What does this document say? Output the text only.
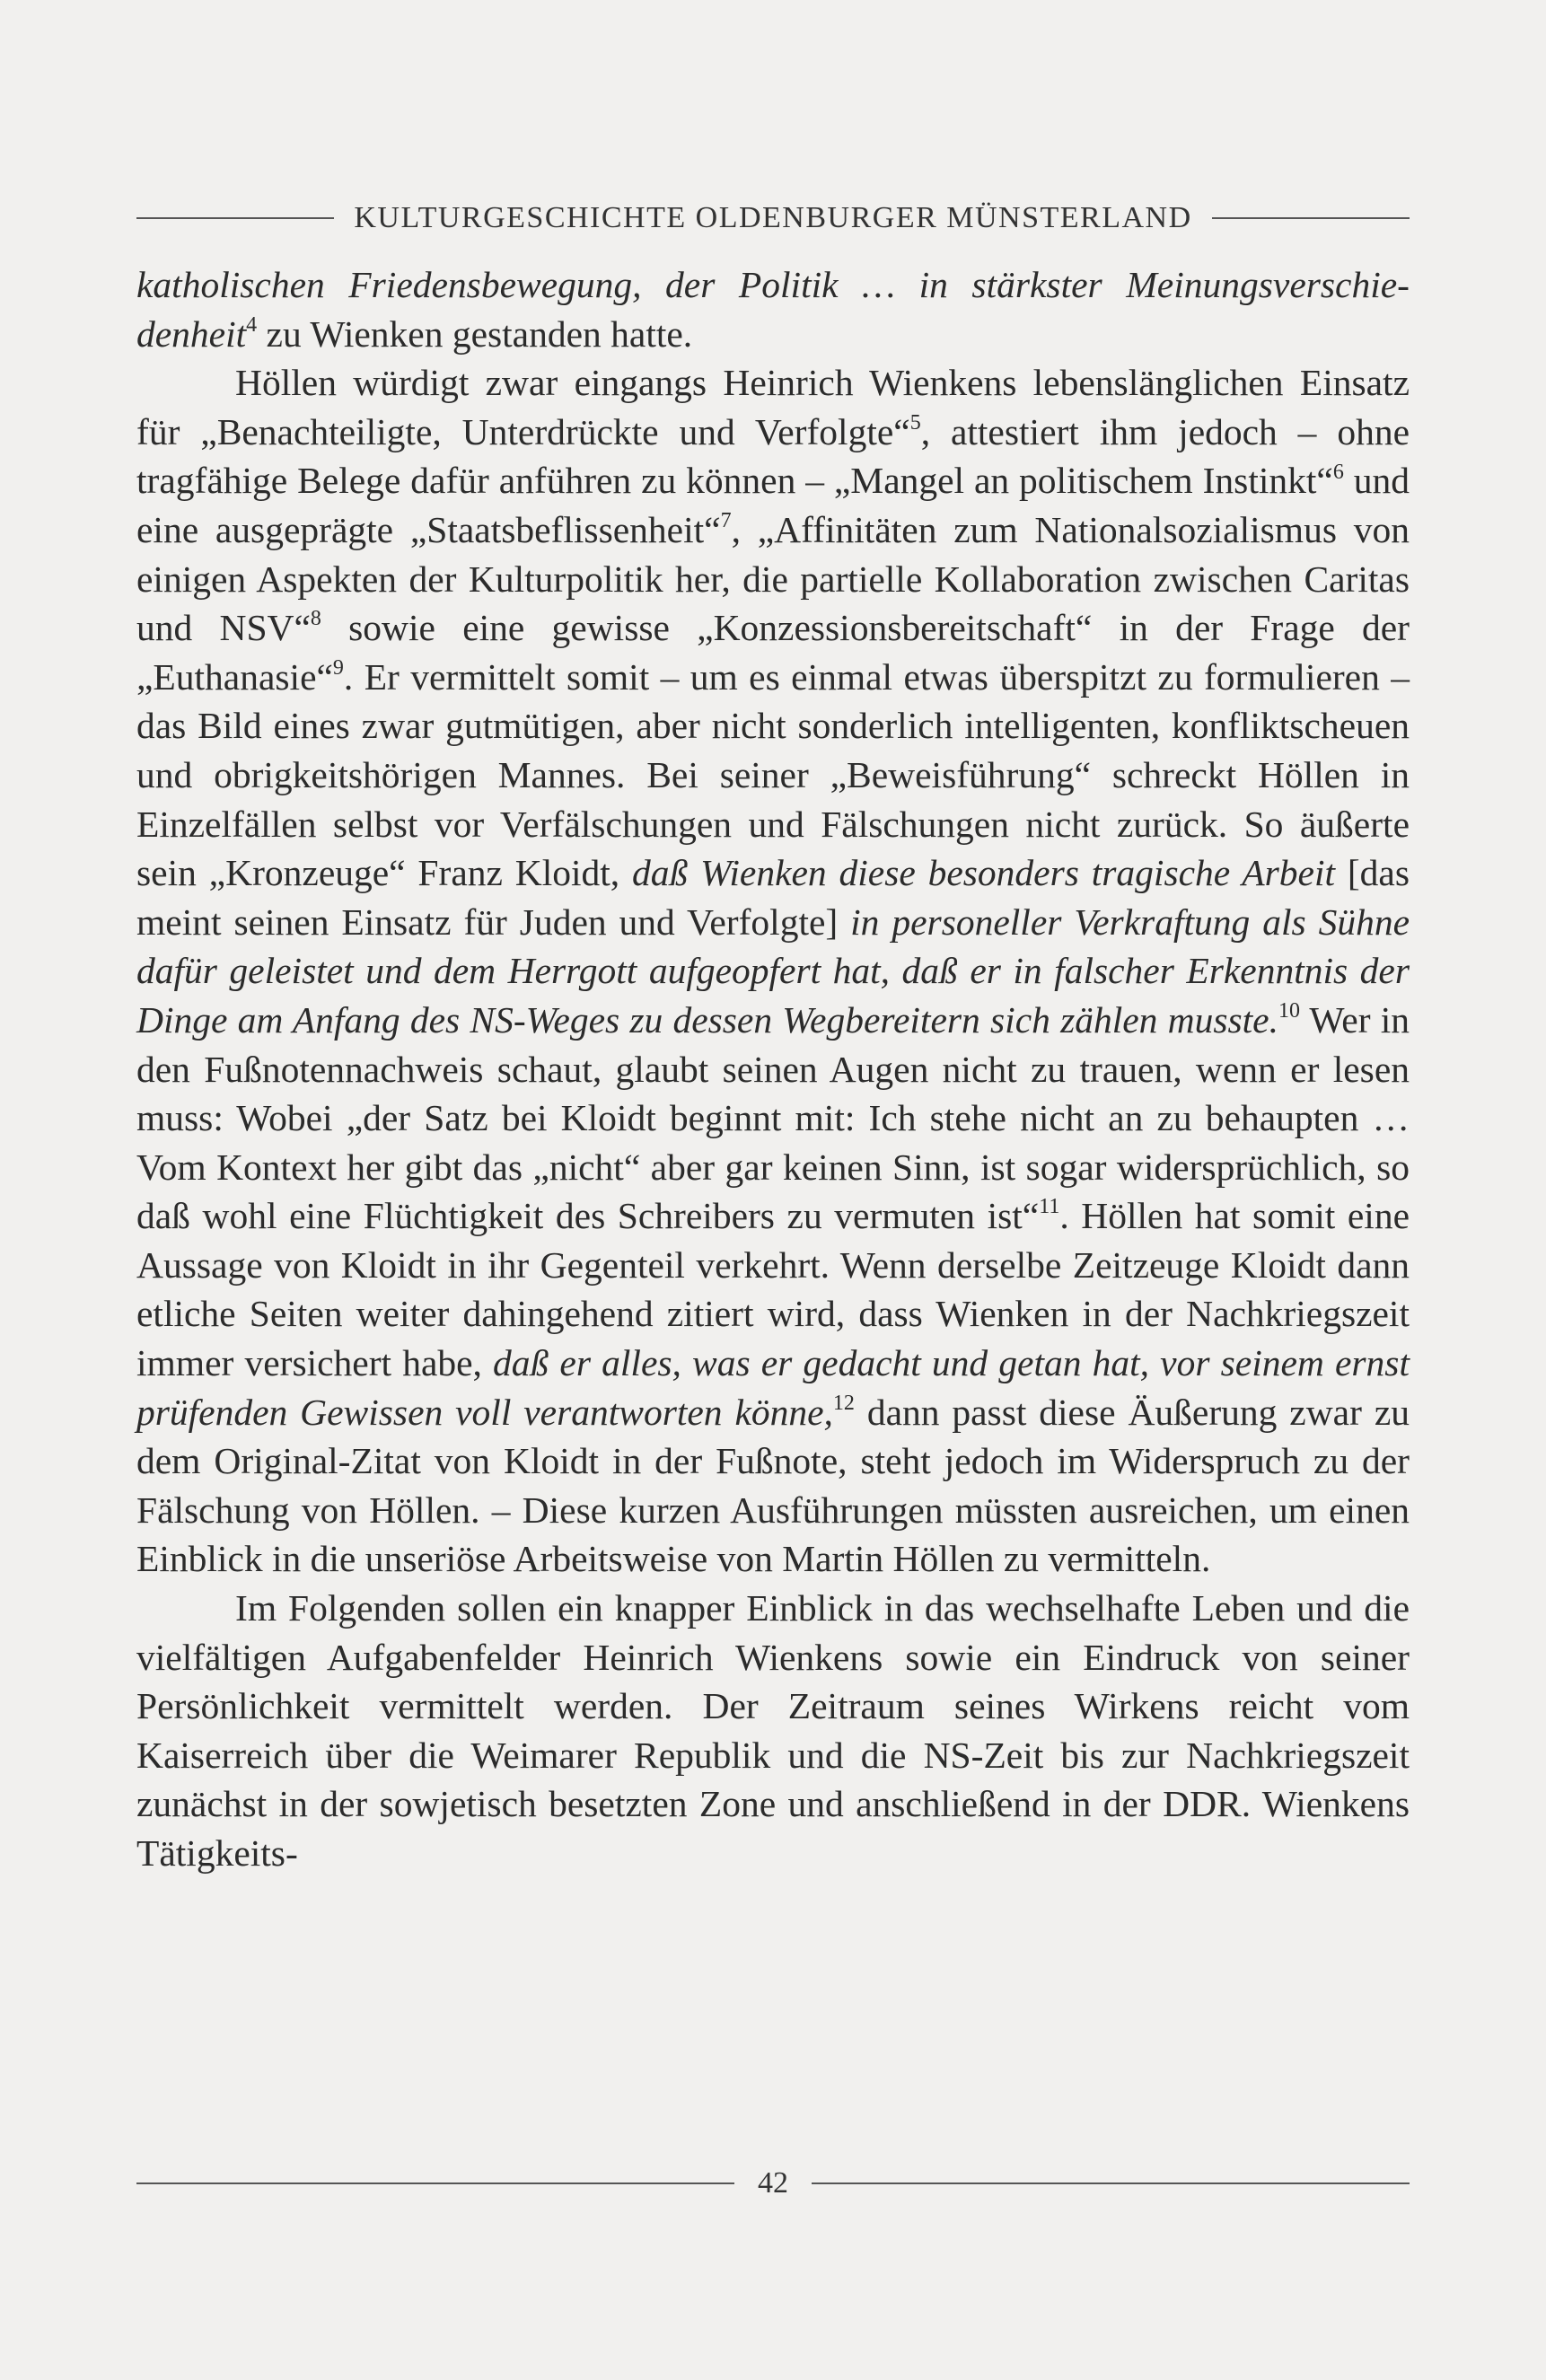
KULTURGESCHICHTE OLDENBURGER MÜNSTERLAND

katholischen Friedensbewegung, der Politik … in stärkster Meinungsverschie-denheit$^4$ zu Wienken gestanden hatte.

Höllen würdigt zwar eingangs Heinrich Wienkens lebenslänglichen Einsatz für „Benachteiligte, Unterdrückte und Verfolgte“$^5$, attestiert ihm jedoch – ohne tragfähige Belege dafür anführen zu können – „Mangel an politischem Instinkt“$^6$ und eine ausgeprägte „Staatsbeflissenheit“$^7$, „Affinitäten zum Nationalsozialismus von einigen Aspekten der Kulturpolitik her, die partielle Kollaboration zwischen Caritas und NSV“$^8$ sowie eine gewisse „Konzessionsbereitschaft“ in der Frage der „Euthanasie“$^9$. Er vermittelt somit – um es einmal etwas überspitzt zu formulieren – das Bild eines zwar gutmütigen, aber nicht sonderlich intelligenten, konfliktscheuen und obrigkeitshörigen Mannes. Bei seiner „Beweisführung“ schreckt Höllen in Einzelfällen selbst vor Verfälschungen und Fälschungen nicht zurück. So äußerte sein „Kronzeuge“ Franz Kloidt, daß Wienken diese besonders tragische Arbeit [das meint seinen Einsatz für Juden und Verfolgte] in personeller Verkraftung als Sühne dafür geleistet und dem Herrgott aufgeopfert hat, daß er in falscher Erkenntnis der Dinge am Anfang des NS-Weges zu dessen Wegbereitern sich zählen musste.$^{10}$ Wer in den Fußnotennachweis schaut, glaubt seinen Augen nicht zu trauen, wenn er lesen muss: Wobei „der Satz bei Kloidt beginnt mit: Ich stehe nicht an zu behaupten … Vom Kontext her gibt das „nicht“ aber gar keinen Sinn, ist sogar widersprüchlich, so daß wohl eine Flüchtigkeit des Schreibers zu vermuten ist“$^{11}$. Höllen hat somit eine Aussage von Kloidt in ihr Gegenteil verkehrt. Wenn derselbe Zeitzeuge Kloidt dann etliche Seiten weiter dahingehend zitiert wird, dass Wienken in der Nachkriegszeit immer versichert habe, daß er alles, was er gedacht und getan hat, vor seinem ernst prüfenden Gewissen voll verantworten könne,$^{12}$ dann passt diese Äußerung zwar zu dem Original-Zitat von Kloidt in der Fußnote, steht jedoch im Widerspruch zu der Fälschung von Höllen. – Diese kurzen Ausführungen müssten ausreichen, um einen Einblick in die unseriöse Arbeitsweise von Martin Höllen zu vermitteln.

Im Folgenden sollen ein knapper Einblick in das wechselhafte Leben und die vielfältigen Aufgabenfelder Heinrich Wienkens sowie ein Eindruck von seiner Persönlichkeit vermittelt werden. Der Zeitraum seines Wirkens reicht vom Kaiserreich über die Weimarer Republik und die NS-Zeit bis zur Nachkriegszeit zunächst in der sowjetisch besetzten Zone und anschließend in der DDR. Wienkens Tätigkeits-

42
